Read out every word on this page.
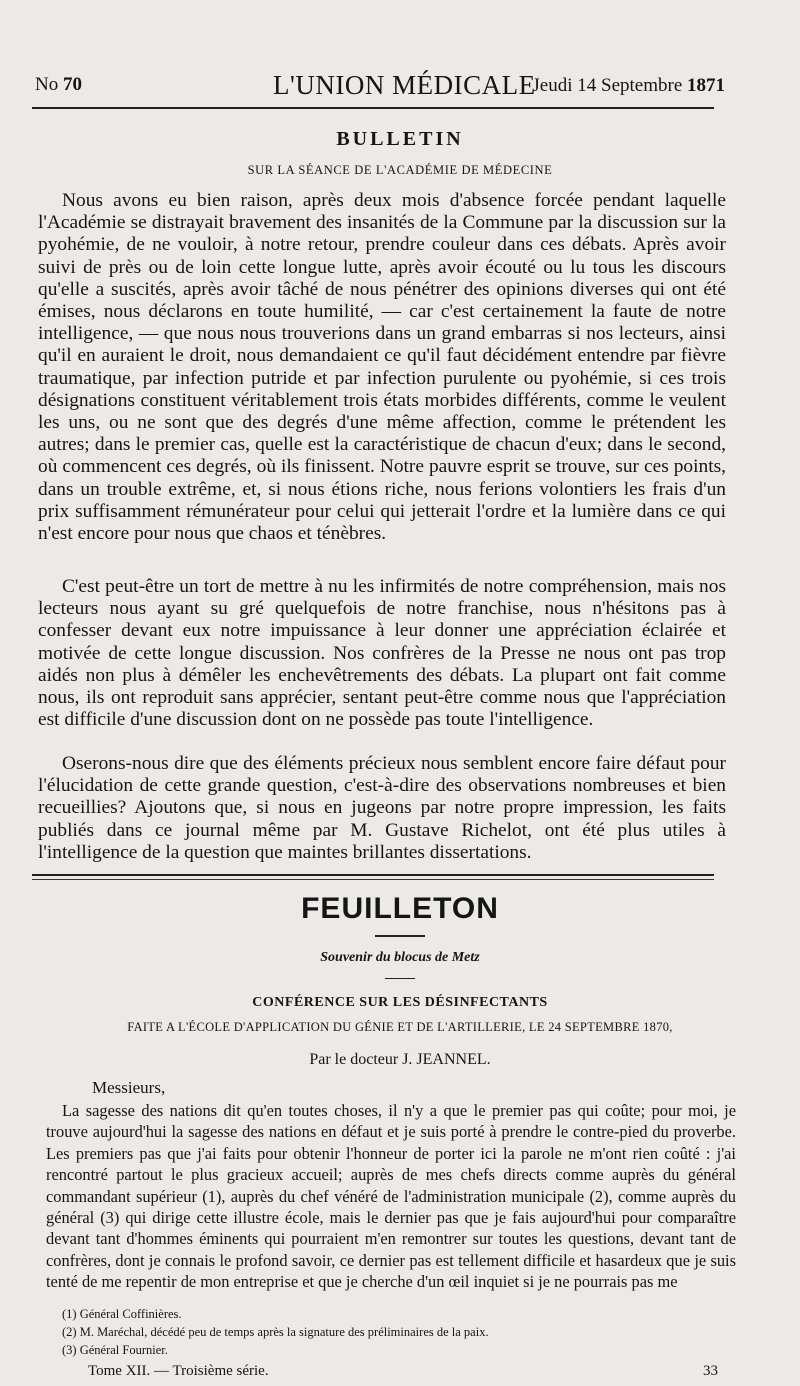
No 70	L'UNION MÉDICALE
Jeudi 14 Septembre 1871
BULLETIN
SUR LA SÉANCE DE L'ACADÉMIE DE MÉDECINE

Nous avons eu bien raison, après deux mois d'absence forcée pendant laquelle l'Académie se distrayait bravement des insanités de la Commune par la discussion sur la pyohémie, de ne vouloir, à notre retour, prendre couleur dans ces débats. Après avoir suivi de près ou de loin cette longue lutte, après avoir écouté ou lu tous les discours qu'elle a suscités, après avoir tâché de nous pénétrer des opinions diverses qui ont été émises, nous déclarons en toute humilité, — car c'est certainement la faute de notre intelligence, — que nous nous trouverions dans un grand embarras si nos lecteurs, ainsi qu'il en auraient le droit, nous demandaient ce qu'il faut décidément entendre par fièvre traumatique, par infection putride et par infection purulente ou pyohémie, si ces trois désignations constituent véritablement trois états morbides différents, comme le veulent les uns, ou ne sont que des degrés d'une même affection, comme le prétendent les autres; dans le premier cas, quelle est la caractéristique de chacun d'eux; dans le second, où commencent ces degrés, où ils finissent. Notre pauvre esprit se trouve, sur ces points, dans un trouble extrême, et, si nous étions riche, nous ferions volontiers les frais d'un prix suffisamment rémunérateur pour celui qui jetterait l'ordre et la lumière dans ce qui n'est encore pour nous que chaos et ténèbres.

C'est peut-être un tort de mettre à nu les infirmités de notre compréhension, mais nos lecteurs nous ayant su gré quelquefois de notre franchise, nous n'hésitons pas à confesser devant eux notre impuissance à leur donner une appréciation éclairée et motivée de cette longue discussion. Nos confrères de la Presse ne nous ont pas trop aidés non plus à démêler les enchevêtrements des débats. La plupart ont fait comme nous, ils ont reproduit sans apprécier, sentant peut-être comme nous que l'appréciation est difficile d'une discussion dont on ne possède pas toute l'intelligence.

Oserons-nous dire que des éléments précieux nous semblent encore faire défaut pour l'élucidation de cette grande question, c'est-à-dire des observations nombreuses et bien recueillies? Ajoutons que, si nous en jugeons par notre propre impression, les faits publiés dans ce journal même par M. Gustave Richelot, ont été plus utiles à l'intelligence de la question que maintes brillantes dissertations.

FEUILLETON
Souvenir du blocus de Metz
CONFÉRENCE SUR LES DÉSINFECTANTS
FAITE A L'ÉCOLE D'APPLICATION DU GÉNIE ET DE L'ARTILLERIE, LE 24 SEPTEMBRE 1870,
Par le docteur J. JEANNEL.
Messieurs,

La sagesse des nations dit qu'en toutes choses, il n'y a que le premier pas qui coûte; pour moi, je trouve aujourd'hui la sagesse des nations en défaut et je suis porté à prendre le contre-pied du proverbe. Les premiers pas que j'ai faits pour obtenir l'honneur de porter ici la parole ne m'ont rien coûté : j'ai rencontré partout le plus gracieux accueil; auprès de mes chefs directs comme auprès du général commandant supérieur (1), auprès du chef vénéré de l'administration municipale (2), comme auprès du général (3) qui dirige cette illustre école, mais le dernier pas que je fais aujourd'hui pour comparaître devant tant d'hommes éminents qui pourraient m'en remontrer sur toutes les questions, devant tant de confrères, dont je connais le profond savoir, ce dernier pas est tellement difficile et hasardeux que je suis tenté de me repentir de mon entreprise et que je cherche d'un œil inquiet si je ne pourrais pas me

(1) Général Coffinières.
(2) M. Maréchal, décédé peu de temps après la signature des préliminaires de la paix.
(3) Général Fournier.
Tome XII. — Troisième série.	33
